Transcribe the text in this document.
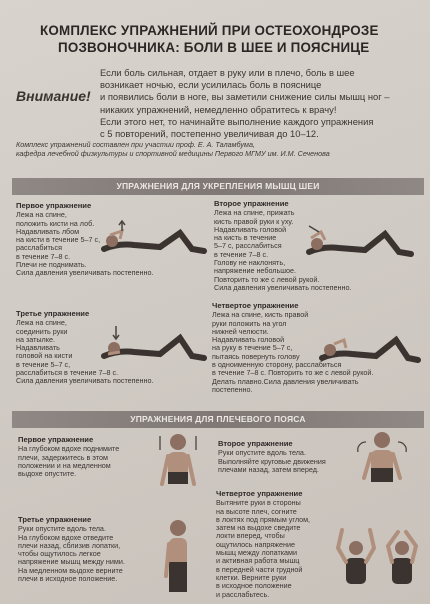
КОМПЛЕКС УПРАЖНЕНИЙ ПРИ ОСТЕОХОНДРОЗЕ
ПОЗВОНОЧНИКА: БОЛИ В ШЕЕ И ПОЯСНИЦЕ
Внимание!
Если боль сильная, отдает в руку или в плечо, боль в шее
возникает ночью, если усилилась боль в пояснице
и появились боли в ноге, вы заметили снижение силы мышц ног –
никаких упражнений, немедленно обратитесь к врачу!
Если этого нет, то начинайте выполнение каждого упражнения
с 5 повторений, постепенно увеличивая до 10–12.
Комплекс упражнений составлен при участии проф. Е. А. Таламбума,
кафедра лечебной физкультуры и спортивной медицины Первого МГМУ им. И.М. Сеченова
УПРАЖНЕНИЯ ДЛЯ УКРЕПЛЕНИЯ МЫШЦ ШЕИ
Первое упражнение
Лежа на спине,
положить кисти на лоб.
Надавливать лбом
на кисти в течение 5–7 с,
расслабиться
в течение 7–8 с.
Плечи не поднимать.
Сила давления увеличивать постепенно.
Второе упражнение
Лежа на спине, прижать
кисть правой руки к уху.
Надавливать головой
на кисть в течение
5–7 с, расслабиться
в течение 7–8 с.
Голову не наклонять,
напряжение небольшое.
Повторить то же с левой рукой.
Сила давления увеличивать постепенно.
Третье упражнение
Лежа на спине,
соединить руки
на затылке.
Надавливать
головой на кисти
в течение 5–7 с,
расслабиться в течение 7–8 с.
Сила давления увеличивать постепенно.
Четвертое упражнение
Лежа на спине, кисть правой
руки положить на угол
нижней челюсти.
Надавливать головой
на руку в течение 5–7 с,
пытаясь повернуть голову
в одноименную сторону, расслабиться
в течение 7–8 с. Повторить то же с левой рукой.
Делать плавно.Сила давления увеличивать
постепенно.
УПРАЖНЕНИЯ ДЛЯ ПЛЕЧЕВОГО ПОЯСА
Первое упражнение
На глубоком вдохе поднимите
плечи, задержитесь в этом
положении и на медленном
выдохе опустите.
Второе упражнение
Руки опустите вдоль тела.
Выполняйте круговые движения
плечами назад, затем вперед.
Третье упражнение
Руки опустите вдоль тела.
На глубоком вдохе отведите
плечи назад, сблизив лопатки,
чтобы ощутилось легкое
напряжение мышц между ними.
На медленном выдохе верните
плечи в исходное положение.
Четвертое упражнение
Вытяните руки в стороны
на высоте плеч, согните
в локтях под прямым углом,
затем на выдохе сведите
локти вперед, чтобы
ощутилось напряжение
мышц между лопатками
и активная работа мышц
в передней части грудной
клетки. Верните руки
в исходное положение
и расслабьтесь.
